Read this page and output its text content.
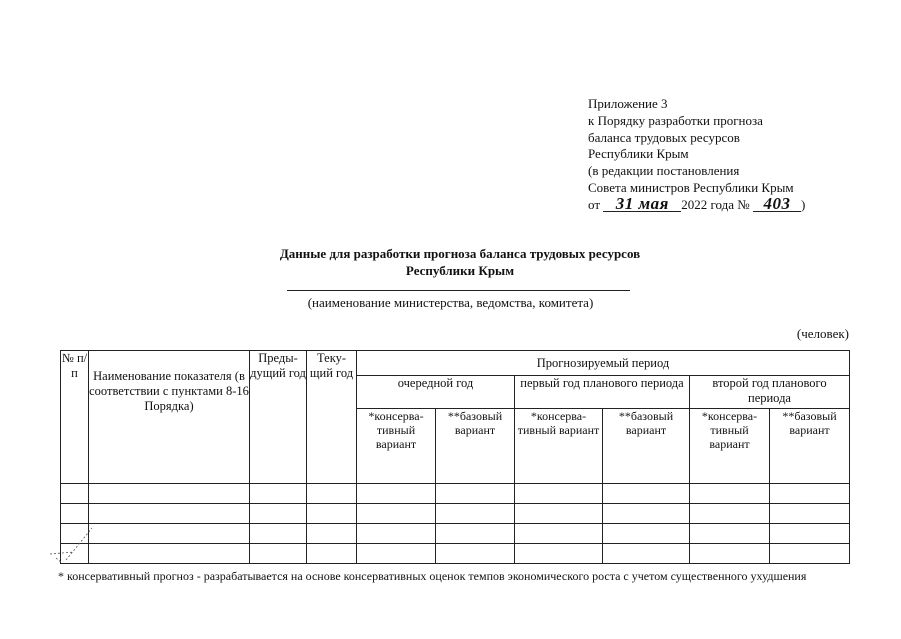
Приложение 3
к Порядку разработки прогноза
баланса трудовых ресурсов
Республики Крым
(в редакции постановления
Совета министров Республики Крым
от 31 мая 2022 года № 403 )
Данные для разработки прогноза баланса трудовых ресурсов
Республики Крым
(наименование министерства, ведомства, комитета)
(человек)
№ п/п	Наименование показателя (в соответствии с пунктами 8-16 Порядка)	Преды-дущий год	Теку-щий год	Прогнозируемый период					
				очередной год		первый год планового периода		второй год планового периода	
				*консерва-тивный вариант	**базовый вариант	*консерва-тивный вариант	**базовый вариант	*консерва-тивный вариант	**базовый вариант

* консервативный прогноз - разрабатывается на основе консервативных оценок темпов экономического роста с учетом существенного ухудшения
